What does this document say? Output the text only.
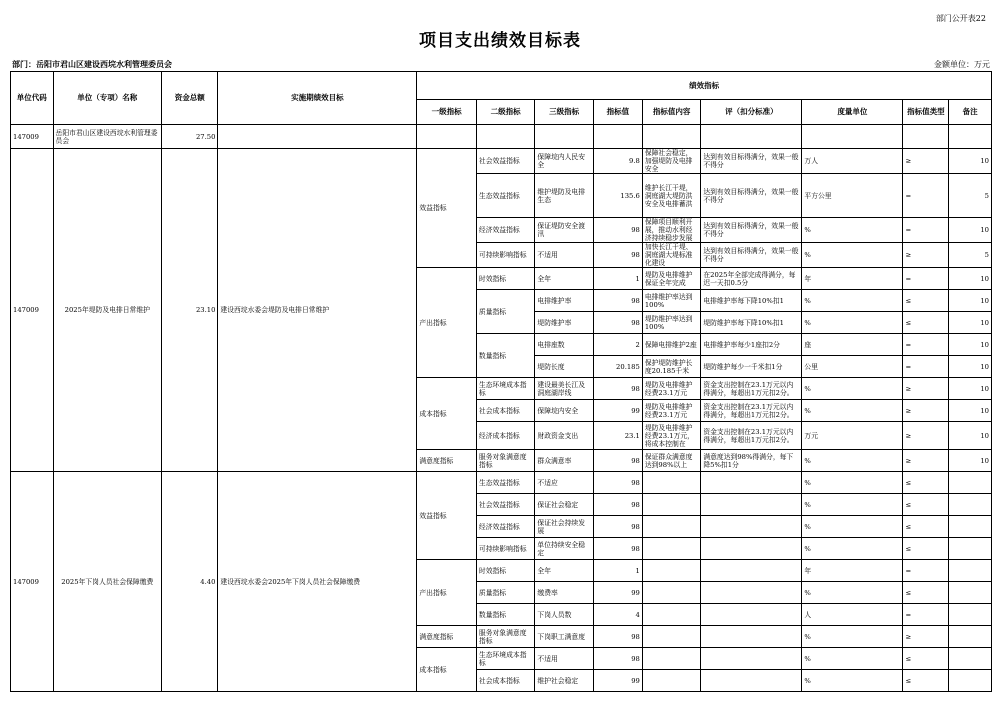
部门公开表22
项目支出绩效目标表
部门：岳阳市君山区建设西垸水利管理委员会	金额单位：万元
单位代码	单位（专项）名称	资金总额	实施期绩效目标	绩效指标								
				一级指标	二级指标	三级指标	指标值	指标值内容	评（扣分标准）	度量单位	指标值类型	备注
147009	岳阳市君山区建设西垸水利管理委员会	27.50										
147009	2025年堤防及电排日常维护	23.10	建设西垸水委会堤防及电排日常维护	效益指标	社会效益指标	保障垸内人民安全	9.8	保障社会稳定，加强堤防及电排安全	达到有效目标得满分，效果一般不得分	万人	≥	10
					生态效益指标	维护堤防及电排生态	135.6	维护长江干堤，洞庭湖大堤防洪安全及电排蓄洪	达到有效目标得满分，效果一般不得分	平方公里	=	5
					经济效益指标	保证堤防安全渡汛	98	保障项目顺利开展，推动水利经济持续稳步发展	达到有效目标得满分，效果一般不得分	%	=	10
					可持续影响指标	不适用	98	加快长江干堤、洞庭湖大堤标准化建设	达到有效目标得满分，效果一般不得分	%	≥	5
				产出指标	时效指标	全年	1	堤防及电排维护保证全年完成	在2025年全部完成得满分，每迟一天扣0.5分	年	=	10
					质量指标	电排维护率	98	电排维护率达到100%	电排维护率每下降10%扣1	%	≤	10
						堤防维护率	98	堤防维护率达到100%	堤防维护率每下降10%扣1	%	≤	10
					数量指标	电排座数	2	保障电排维护2座	电排维护率每少1座扣2分	座	=	10
						堤防长度	20.185	保护堤防维护长度20.185千米	堤防维护每少一千米扣1分	公里	=	10
				成本指标	生态环境成本指标	建设最美长江及洞庭湖岸线	98	堤防及电排维护经费23.1万元	资金支出控制在23.1万元以内得满分，每超出1万元扣2分。	%	≥	10
					社会成本指标	保障垸内安全	99	堤防及电排维护经费23.1万元	资金支出控制在23.1万元以内得满分，每超出1万元扣2分。	%	≥	10
					经济成本指标	财政资金支出	23.1	堤防及电排维护经费23.1万元，将成本控制在	资金支出控制在23.1万元以内得满分，每超出1万元扣2分。	万元	≥	10
				满意度指标	服务对象满意度指标	群众满意率	98	保证群众满意度达到98%以上	满意度达到98%得满分，每下降5%扣1分	%	≥	10
147009	2025年下岗人员社会保障缴费	4.40	建设西垸水委会2025年下岗人员社会保障缴费	效益指标	生态效益指标	不适应	98			%	≤	
					社会效益指标	保证社会稳定	98			%	≤	
					经济效益指标	保证社会持续发展	98			%	≤	
					可持续影响指标	单位持续安全稳定	98			%	≤	
				产出指标	时效指标	全年	1			年	=	
					质量指标	缴费率	99			%	≤	
					数量指标	下岗人员数	4			人	=	
				满意度指标	服务对象满意度指标	下岗职工满意度	98			%	≥	
				成本指标	生态环境成本指标	不适用	98			%	≤	
					社会成本指标	维护社会稳定	99			%	≤	
